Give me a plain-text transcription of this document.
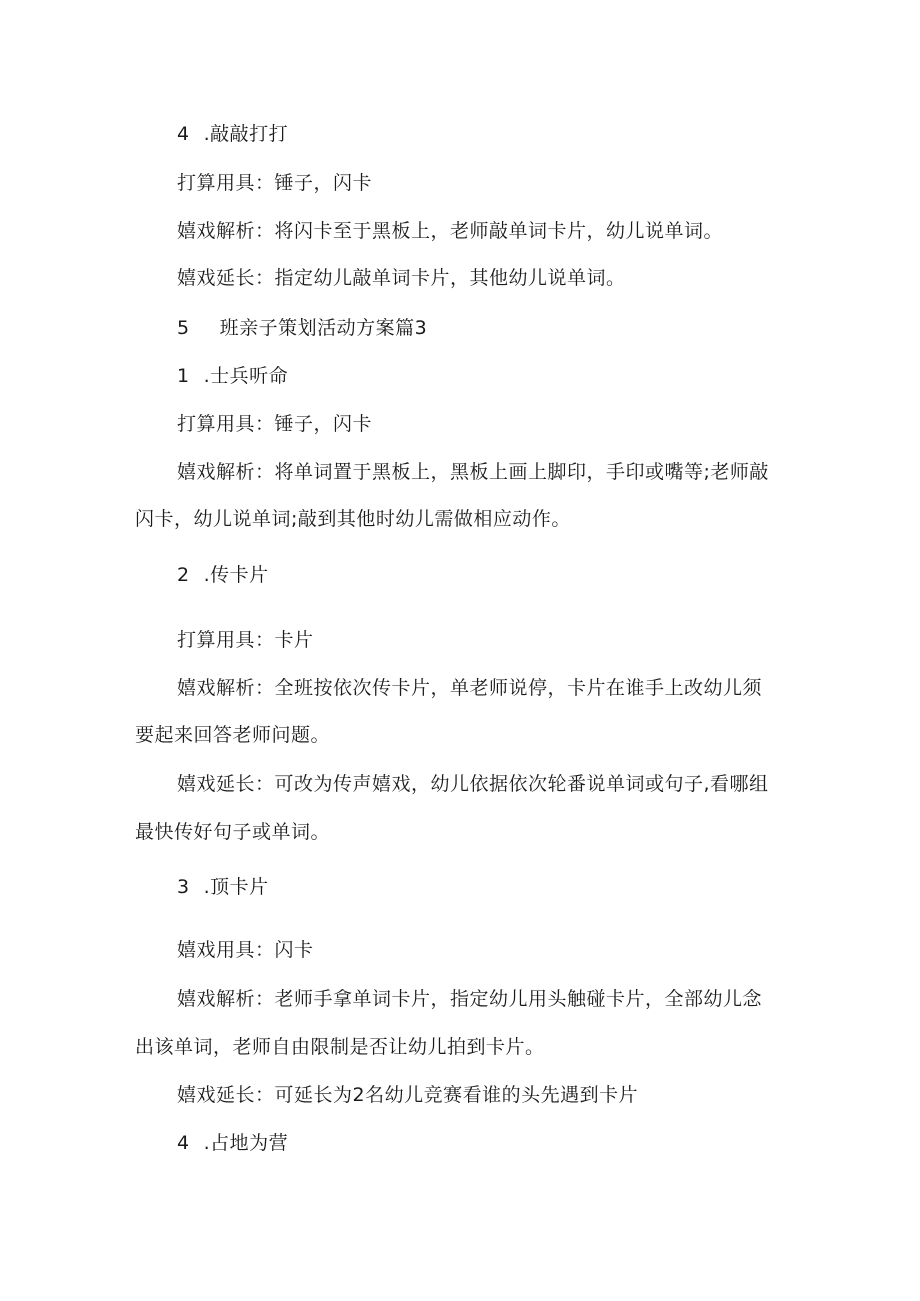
4 .敲敲打打
打算用具：锤子，闪卡
嬉戏解析：将闪卡至于黑板上，老师敲单词卡片，幼儿说单词。
嬉戏延长：指定幼儿敲单词卡片，其他幼儿说单词。
5 班亲子策划活动方案篇3
1 .士兵听命
打算用具：锤子，闪卡
嬉戏解析：将单词置于黑板上，黑板上画上脚印，手印或嘴等;老师敲
闪卡，幼儿说单词;敲到其他时幼儿需做相应动作。
2 .传卡片
打算用具：卡片
嬉戏解析：全班按依次传卡片，单老师说停，卡片在谁手上改幼儿须
要起来回答老师问题。
嬉戏延长：可改为传声嬉戏，幼儿依据依次轮番说单词或句子,看哪组
最快传好句子或单词。
3 .顶卡片
嬉戏用具：闪卡
嬉戏解析：老师手拿单词卡片，指定幼儿用头触碰卡片，全部幼儿念
出该单词，老师自由限制是否让幼儿拍到卡片。
嬉戏延长：可延长为2名幼儿竞赛看谁的头先遇到卡片
4 .占地为营
